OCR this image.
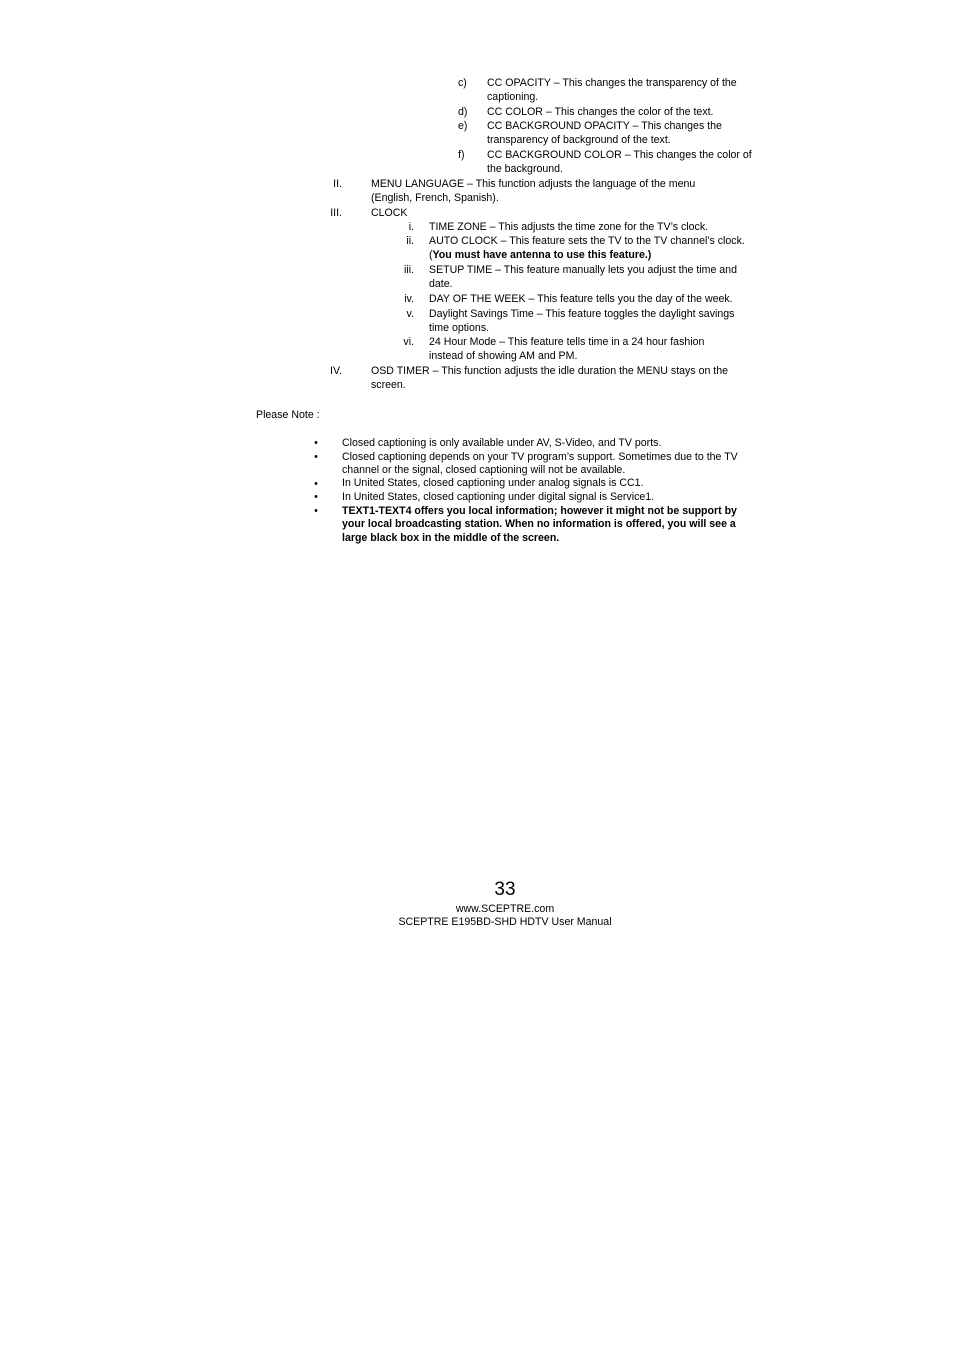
c) CC OPACITY – This changes the transparency of the captioning.
d) CC COLOR – This changes the color of the text.
e) CC BACKGROUND OPACITY – This changes the transparency of background of the text.
f) CC BACKGROUND COLOR – This changes the color of the background.
II.	MENU LANGUAGE – This function adjusts the language of the menu (English, French, Spanish).
III.	CLOCK
i. TIME ZONE – This adjusts the time zone for the TV’s clock.
ii. AUTO CLOCK – This feature sets the TV to the TV channel’s clock. (You must have antenna to use this feature.)
iii. SETUP TIME – This feature manually lets you adjust the time and date.
iv. DAY OF THE WEEK – This feature tells you the day of the week.
v. Daylight Savings Time – This feature toggles the daylight savings time options.
vi. 24 Hour Mode – This feature tells time in a 24 hour fashion instead of showing AM and PM.
IV.	OSD TIMER – This function adjusts the idle duration the MENU stays on the screen.
Please Note :
• Closed captioning is only available under AV, S-Video, and TV ports.
• Closed captioning depends on your TV program’s support. Sometimes due to the TV channel or the signal, closed captioning will not be available.
• In United States, closed captioning under analog signals is CC1.
• In United States, closed captioning under digital signal is Service1.
• TEXT1-TEXT4 offers you local information; however it might not be support by your local broadcasting station. When no information is offered, you will see a large black box in the middle of the screen.
33
www.SCEPTRE.com
SCEPTRE E195BD-SHD HDTV User Manual
